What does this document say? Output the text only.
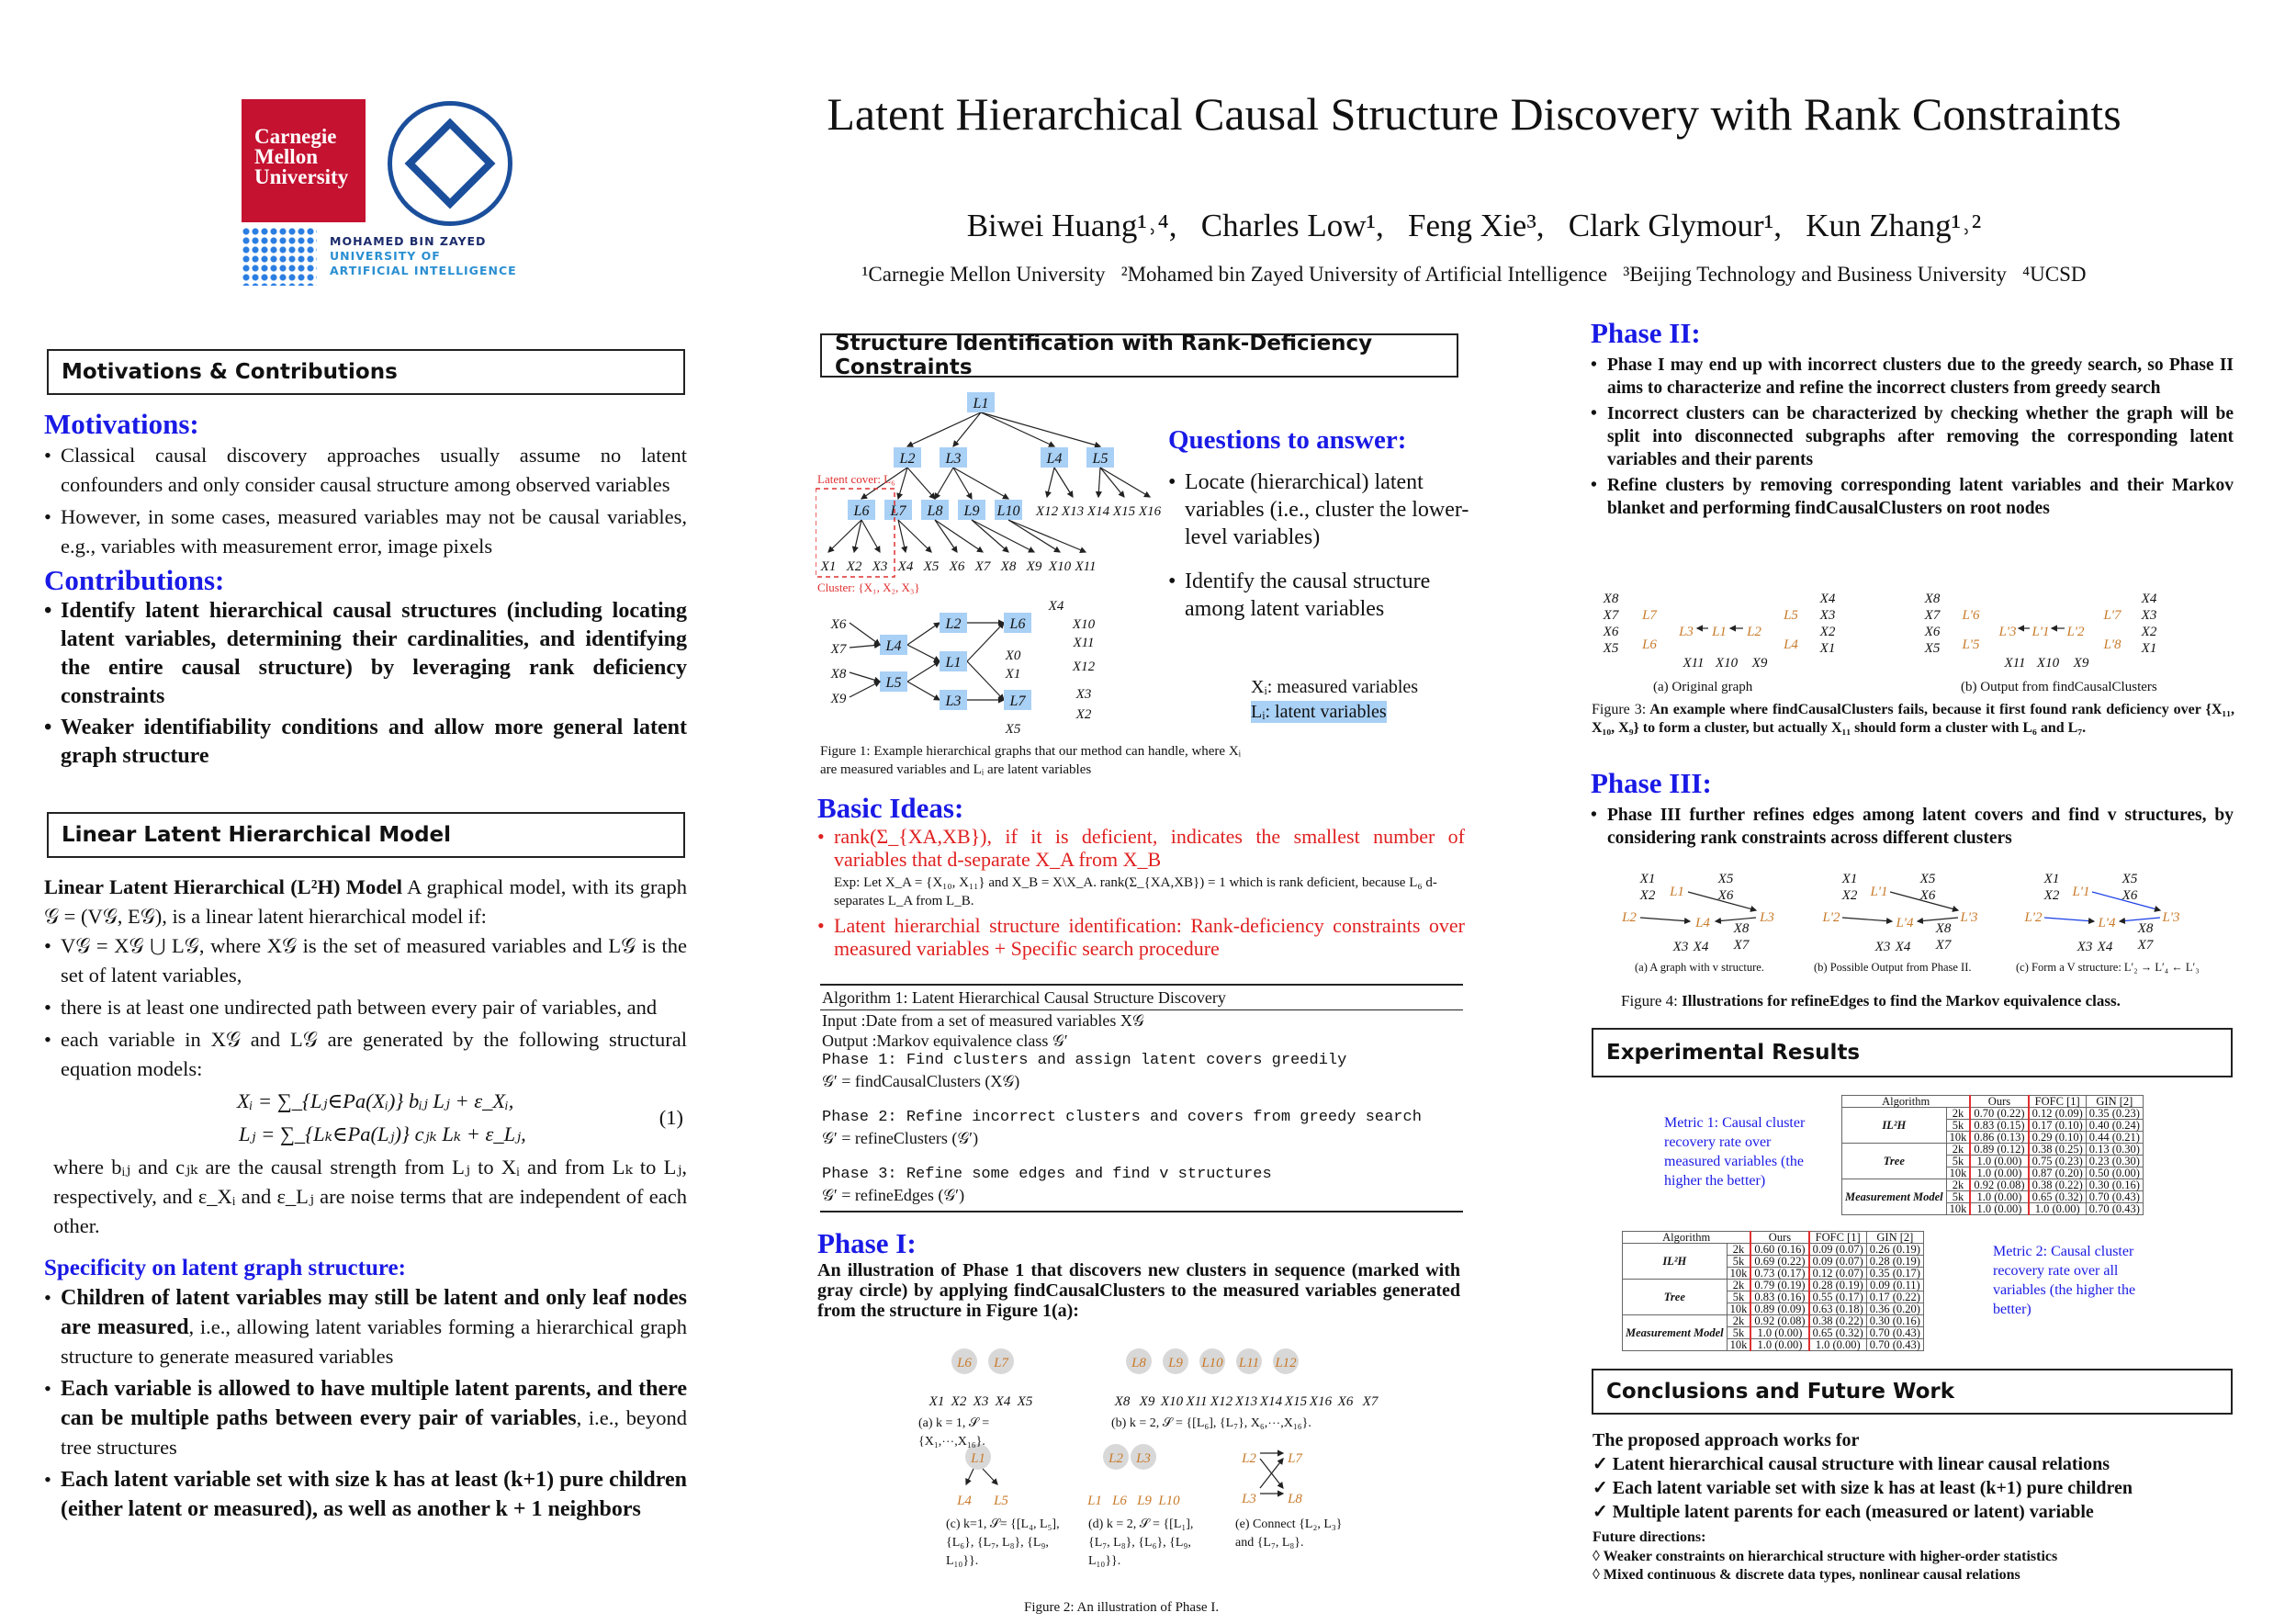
Carnegie
Mellon
University
MOHAMED BIN ZAYED
UNIVERSITY OF
ARTIFICIAL INTELLIGENCE
Latent Hierarchical Causal Structure Discovery with Rank Constraints
Biwei Huang¹˒⁴,   Charles Low¹,   Feng Xie³,   Clark Glymour¹,   Kun Zhang¹˒²
¹Carnegie Mellon University   ²Mohamed bin Zayed University of Artificial Intelligence   ³Beijing Technology and Business University   ⁴UCSD
Motivations & Contributions
Motivations:
• Classical causal discovery approaches usually assume no latent confounders and only consider causal structure among observed variables
• However, in some cases, measured variables may not be causal variables, e.g., variables with measurement error, image pixels
Contributions:
• Identify latent hierarchical causal structures (including locating latent variables, determining their cardinalities, and identifying the entire causal structure) by leveraging rank deficiency constraints
• Weaker identifiability conditions and allow more general latent graph structure
Linear Latent Hierarchical Model

Linear Latent Hierarchical (L²H) Model A graphical model, with its graph 𝒢 = (V𝒢, E𝒢), is a linear latent hierarchical model if:

• V𝒢 = X𝒢 ⋃ L𝒢, where X𝒢 is the set of measured variables and L𝒢 is the set of latent variables,
• there is at least one undirected path between every pair of variables, and
• each variable in X𝒢 and L𝒢 are generated by the following structural equation models:
Xᵢ = ∑_{Lⱼ∈Pa(Xᵢ)} bᵢⱼ Lⱼ + ε_Xᵢ,
Lⱼ = ∑_{Lₖ∈Pa(Lⱼ)} cⱼₖ Lₖ + ε_Lⱼ,
(1)

where bᵢⱼ and cⱼₖ are the causal strength from Lⱼ to Xᵢ and from Lₖ to Lⱼ, respectively, and ε_Xᵢ and ε_Lⱼ are noise terms that are independent of each other.

Specificity on latent graph structure:
• Children of latent variables may still be latent and only leaf nodes are measured, i.e., allowing latent variables forming a hierarchical graph structure to generate measured variables
• Each variable is allowed to have multiple latent parents, and there can be multiple paths between every pair of variables, i.e., beyond tree structures
• Each latent variable set with size k has at least (k+1) pure children (either latent or measured), as well as another k + 1 neighbors
Structure Identification with Rank-Deficiency Constraints
L1
L2 L3	L4 L5
L6 L7 L8 L9 L10
X1 X2 X3 X4 X5 X6 X7 X8 X9 X10 X11
X12 X13 X14 X15 X16
Latent cover: L₆
Cluster: {X₁, X₂, X₃}
L4
L5
L2
L1
L3
L6
L7
X6
X7
X8
X9
X4
X10
X11
X0
X1	X12
X3
X2
X5
Questions to answer:
• Locate (hierarchical) latent variables (i.e., cluster the lower-level variables)
• Identify the causal structure among latent variables
Xᵢ: measured variables
Lᵢ: latent variables
Figure 1: Example hierarchical graphs that our method can handle, where Xᵢ are measured variables and Lᵢ are latent variables
Basic Ideas:
• rank(Σ_{XA,XB}), if it is deficient, indicates the smallest number of variables that d-separate X_A from X_B
Exp: Let X_A = {X₁₀, X₁₁} and X_B = X\X_A. rank(Σ_{XA,XB}) = 1 which is rank deficient, because L₆ d-separates L_A from L_B.
• Latent hierarchial structure identification: Rank-deficiency constraints over measured variables + Specific search procedure
Algorithm 1: Latent Hierarchical Causal Structure Discovery
Input :Date from a set of measured variables X𝒢
Output :Markov equivalence class 𝒢′
Phase 1: Find clusters and assign latent covers greedily
𝒢′ = findCausalClusters (X𝒢)
Phase 2: Refine incorrect clusters and covers from greedy search
𝒢′ = refineClusters (𝒢′)
Phase 3: Refine some edges and find v structures
𝒢′ = refineEdges (𝒢′)
Phase I:

An illustration of Phase 1 that discovers new clusters in sequence (marked with gray circle) by applying findCausalClusters to the measured variables generated from the structure in Figure 1(a):

L6 L7
X1 X2 X3 X4 X5
L8 L9 L10 L11 L12
X8 X9 X10 X11 X12 X13 X14 X15 X16 X6 X7
L1
L4 L5
L2 L3
L1 L6 L9 L10
L2
L3
L7
L8
(a) k = 1, 𝒮 = {X₁,⋯,X₁₆}.
(b) k = 2, 𝒮 = {[L₆], {L₇}, X₆,⋯,X₁₆}.
(c) k=1, 𝒮= {[L₄, L₅], {L₆}, {L₇, L₈}, {L₉, L₁₀}}.
(d) k = 2, 𝒮 = {[L₁], {L₇, L₈}, {L₆}, {L₉, L₁₀}}.
(e) Connect {L₂, L₃} and {L₇, L₈}.
Figure 2: An illustration of Phase I.
Phase II:
• Phase I may end up with incorrect clusters due to the greedy search, so Phase II aims to characterize and refine the incorrect clusters from greedy search
• Incorrect clusters can be characterized by checking whether the graph will be split into disconnected subgraphs after removing the corresponding latent variables and their parents
• Refine clusters by removing corresponding latent variables and their Markov blanket and performing findCausalClusters on root nodes
X8
X7
X6
X5
L7
L6
L3 L1 L2
L5
L4
X4
X3
X2
X1
X11 X10 X9
X8
X7
X6
X5
L'6
L'5
L'3 L'1 L'2
L'7
L'8
X4
X3
X2
X1
X11 X10 X9
(a) Original graph	(b) Output from findCausalClusters
Figure 3: An example where findCausalClusters fails, because it first found rank deficiency over {X₁₁, X₁₀, X₉} to form a cluster, but actually X₁₁ should form a cluster with L₆ and L₇.
Phase III:
• Phase III further refines edges among latent covers and find v structures, by considering rank constraints across different clusters
X1
X2
X5
X6
L2
L1
L4	L3
X3 X4
X8
X7
X1
X2
X5
X6
L'2
L'1
L'4	L'3
X3 X4
X8
X7
X1
X2
X5
X6
L'2
L'1
L'4	L'3
X3 X4
X8
X7
(a) A graph with v structure.	(b) Possible Output from Phase II.	(c) Form a V structure: L′₂ → L′₄ ← L′₃
Figure 4: Illustrations for refineEdges to find the Markov equivalence class.
Experimental Results
Metric 1: Causal cluster recovery rate over measured variables (the higher the better)
Algorithm		Ours	FOFC [1]	GIN [2]
IL²H	2k	0.70 (0.22)	0.12 (0.09)	0.35 (0.23)
	5k	0.83 (0.15)	0.17 (0.10)	0.40 (0.24)
	10k	0.86 (0.13)	0.29 (0.10)	0.44 (0.21)
Tree	2k	0.89 (0.12)	0.38 (0.25)	0.13 (0.30)
	5k	1.0 (0.00)	0.75 (0.23)	0.23 (0.30)
	10k	1.0 (0.00)	0.87 (0.20)	0.50 (0.00)
Measurement Model	2k	0.92 (0.08)	0.38 (0.22)	0.30 (0.16)
	5k	1.0 (0.00)	0.65 (0.32)	0.70 (0.43)
	10k	1.0 (0.00)	1.0 (0.00)	0.70 (0.43)
Algorithm		Ours	FOFC [1]	GIN [2]
IL²H	2k	0.60 (0.16)	0.09 (0.07)	0.26 (0.19)
	5k	0.69 (0.22)	0.09 (0.07)	0.28 (0.19)
	10k	0.73 (0.17)	0.12 (0.07)	0.35 (0.17)
Tree	2k	0.79 (0.19)	0.28 (0.19)	0.09 (0.11)
	5k	0.83 (0.16)	0.55 (0.17)	0.17 (0.22)
	10k	0.89 (0.09)	0.63 (0.18)	0.36 (0.20)
Measurement Model	2k	0.92 (0.08)	0.38 (0.22)	0.30 (0.16)
	5k	1.0 (0.00)	0.65 (0.32)	0.70 (0.43)
	10k	1.0 (0.00)	1.0 (0.00)	0.70 (0.43)
Metric 2: Causal cluster recovery rate over all variables (the higher the better)
Conclusions and Future Work
The proposed approach works for
✓ Latent hierarchical causal structure with linear causal relations
✓ Each latent variable set with size k has at least (k+1) pure children
✓ Multiple latent parents for each (measured or latent) variable
Future directions:
◊ Weaker constraints on hierarchical structure with higher-order statistics
◊ Mixed continuous & discrete data types, nonlinear causal relations
